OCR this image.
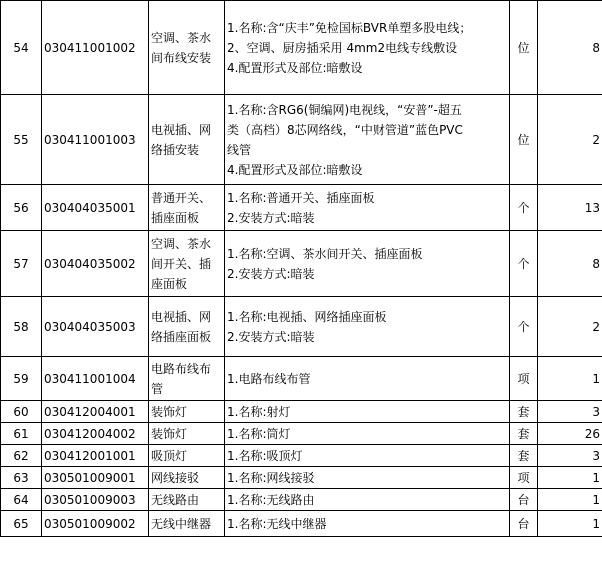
54	030411001002	空调、茶水间布线安装	1.名称:含“庆丰”免检国标BVR单塑多股电线；
2、空调、厨房插采用 4mm2电线专线敷设
4.配置形式及部位:暗敷设	位	8
55	030411001003	电视插、网络插安装	1.名称:含RG6(铜编网)电视线，“安普”-超五
类（高档）8芯网络线，“中财管道”蓝色PVC
线管
4.配置形式及部位:暗敷设	位	2
56	030404035001	普通开关、插座面板	1.名称:普通开关、插座面板
2.安装方式:暗装	个	13
57	030404035002	空调、茶水间开关、插座面板	1.名称:空调、茶水间开关、插座面板
2.安装方式:暗装	个	8
58	030404035003	电视插、网络插座面板	1.名称:电视插、网络插座面板
2.安装方式:暗装	个	2
59	030411001004	电路布线布管	1.电路布线布管	项	1
60	030412004001	装饰灯	1.名称:射灯	套	3
61	030412004002	装饰灯	1.名称:筒灯	套	26
62	030412001001	吸顶灯	1.名称:吸顶灯	套	3
63	030501009001	网线接驳	1.名称:网线接驳	项	1
64	030501009003	无线路由	1.名称:无线路由	台	1
65	030501009002	无线中继器	1.名称:无线中继器	台	1
